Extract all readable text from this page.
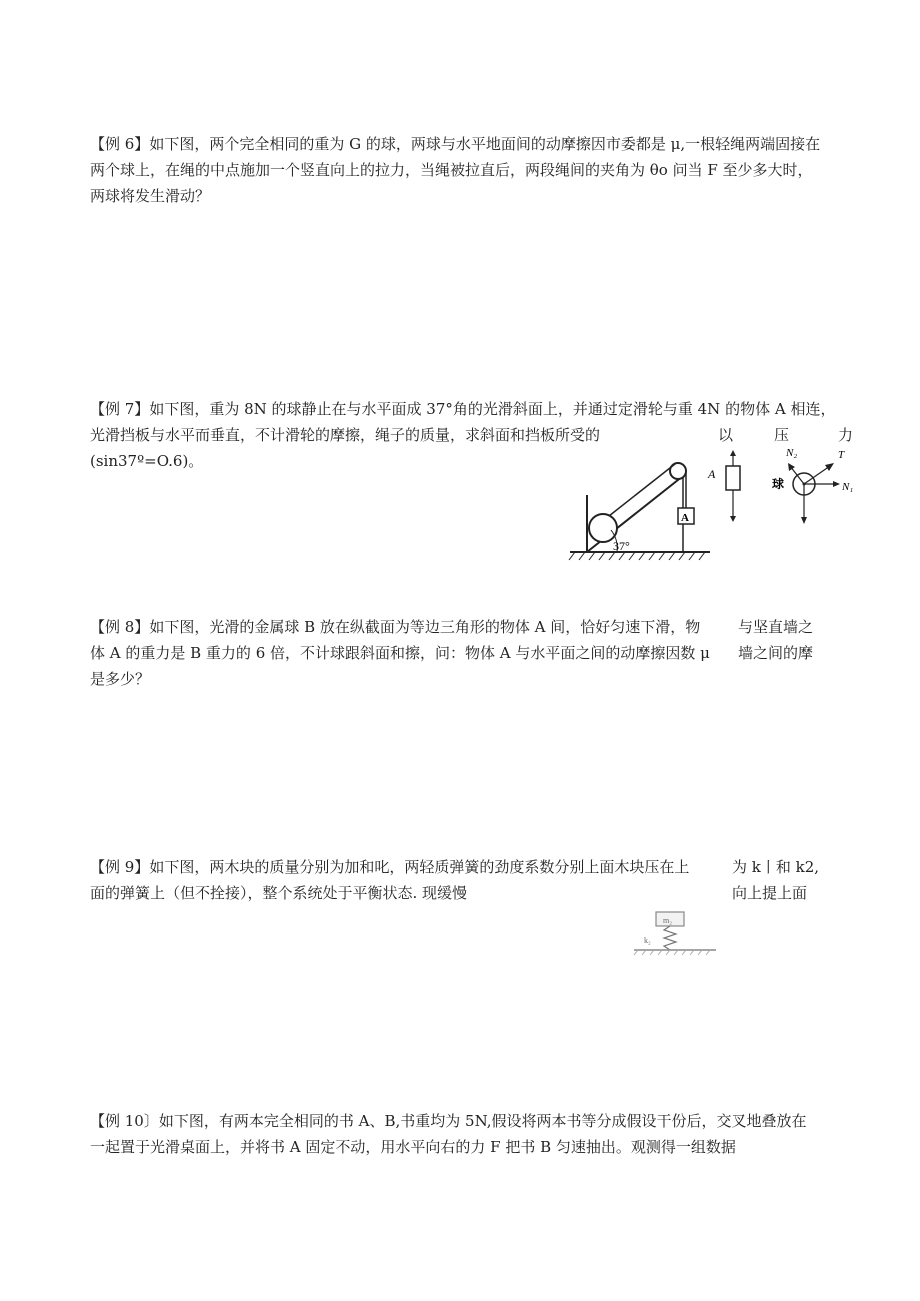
【例 6】如下图，两个完全相同的重为 G 的球，两球与水平地面间的动摩擦因市委都是 μ,一根轻绳两端固接在
两个球上，在绳的中点施加一个竖直向上的拉力，当绳被拉直后，两段绳间的夹角为 θo 问当 F 至少多大时，
两球将发生滑动？
【例 7】如下图，重为 8N 的球静止在与水平面成 37°角的光滑斜面上，并通过定滑轮与重 4N 的物体 A 相连，
光滑挡板与水平而垂直，不计滑轮的摩擦，绳子的质量，求斜面和挡板所受的	以	压	力
(sin37º=O.6)。
A
37°
A
球
N₂	T
N₁
【例 8】如下图，光滑的金属球 B 放在纵截面为等边三角形的物体 A 间，恰好匀速下滑，物	与坚直墙之
体 A 的重力是 B 重力的 6 倍，不计球跟斜面和擦，问：物体 A 与水平面之间的动摩擦因数 μ 墙之间的摩
是多少？
【例 9】如下图，两木块的质量分别为加和叱，两轻质弹簧的劲度系数分别上面木块压在上	为 k丨和 k2,
面的弹簧上（但不拴接），整个系统处于平衡状态. 现缓慢	向上提上面
m₂
k₂
【例 10〕如下图，有两本完全相同的书 A、B,书重均为 5N,假设将两本书等分成假设干份后，交叉地叠放在
一起置于光滑桌面上，并将书 A 固定不动，用水平向右的力 F 把书 B 匀速抽出。观测得一组数据
